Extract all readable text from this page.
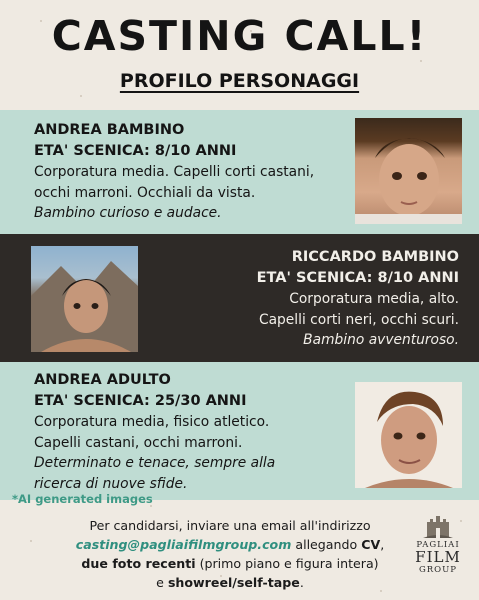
CASTING CALL!
PROFILO PERSONAGGI
ANDREA BAMBINO
ETA' SCENICA: 8/10 ANNI
Corporatura media. Capelli corti castani,
occhi marroni. Occhiali da vista.
Bambino curioso e audace.
RICCARDO BAMBINO
ETA' SCENICA: 8/10 ANNI
Corporatura media, alto.
Capelli corti neri, occhi scuri.
Bambino avventuroso.
ANDREA ADULTO
ETA' SCENICA: 25/30 ANNI
Corporatura media, fisico atletico.
Capelli castani, occhi marroni.
Determinato e tenace, sempre alla
ricerca di nuove sfide.
*AI generated images
Per candidarsi, inviare una email all'indirizzo
casting@pagliaifilmgroup.com allegando CV,
due foto recenti (primo piano e figura intera)
e showreel/self-tape.
PAGLIAI
FILM
GROUP
